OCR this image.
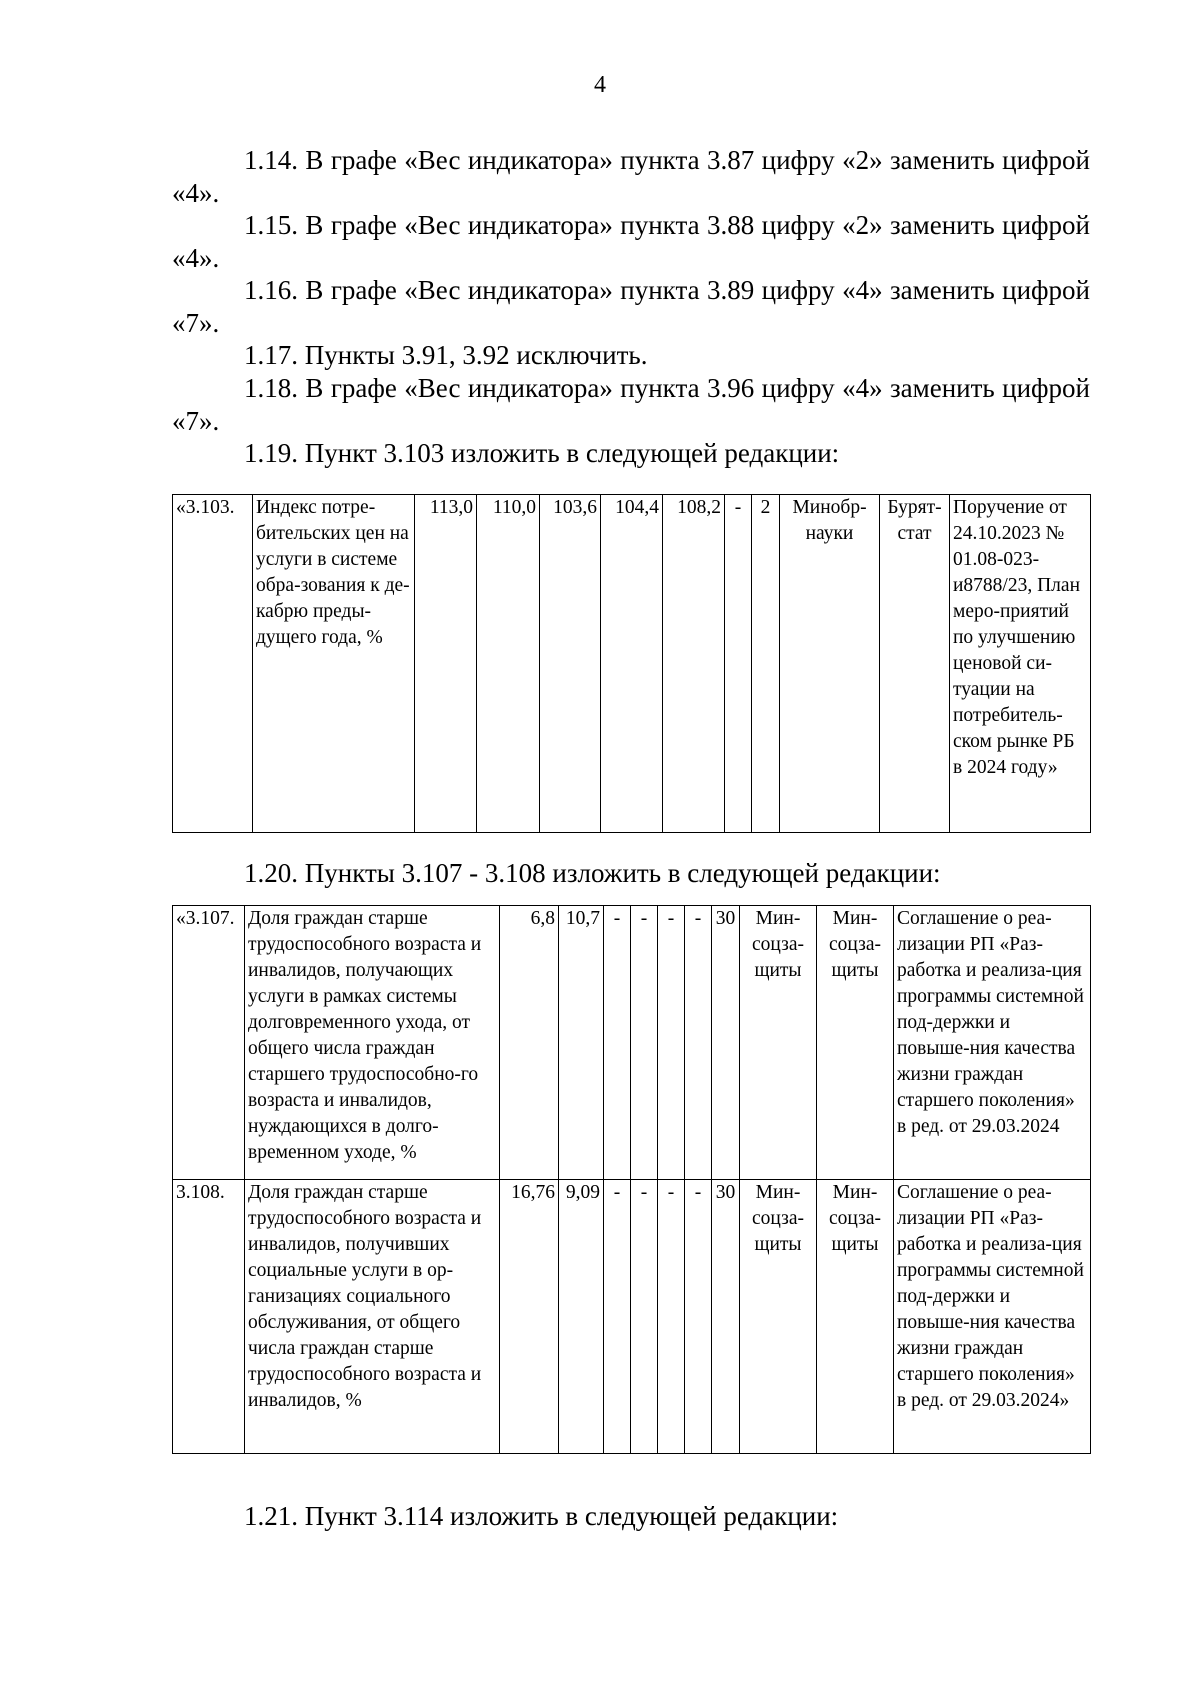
4
1.14. В графе «Вес индикатора» пункта 3.87 цифру «2» заменить цифрой «4».
1.15. В графе «Вес индикатора» пункта 3.88 цифру «2» заменить цифрой «4».
1.16. В графе «Вес индикатора» пункта 3.89 цифру «4» заменить цифрой «7».
1.17. Пункты 3.91, 3.92 исключить.
1.18. В графе «Вес индикатора» пункта 3.96 цифру «4» заменить цифрой «7».
1.19. Пункт 3.103 изложить в следующей редакции:
«3.103.	Индекс потре-бительских цен на услуги в системе обра-зования к де-кабрю преды-дущего года, %	113,0	110,0	103,6	104,4	108,2	-	2	Минобр-науки	Бурят-стат	Поручение от 24.10.2023 № 01.08-023-и8788/23, План меро-приятий по улучшению ценовой си-туации на потребитель-ском рынке РБ в 2024 году»
1.20. Пункты 3.107 - 3.108 изложить в следующей редакции:
«3.107.	Доля граждан старше трудоспособного возраста и инвалидов, получающих услуги в рамках системы долговременного ухода, от общего числа граждан старшего трудоспособно-го возраста и инвалидов, нуждающихся в долго-временном уходе, %	6,8	10,7	-	-	-	-	30	Мин-соцза-щиты	Мин-соцза-щиты	Соглашение о реа-лизации РП «Раз-работка и реализа-ция программы системной под-держки и повыше-ния качества жизни граждан старшего поколения» в ред. от 29.03.2024
3.108.	Доля граждан старше трудоспособного возраста и инвалидов, получивших социальные услуги в ор-ганизациях социального обслуживания, от общего числа граждан старше трудоспособного возраста и инвалидов, %	16,76	9,09	-	-	-	-	30	Мин-соцза-щиты	Мин-соцза-щиты	Соглашение о реа-лизации РП «Раз-работка и реализа-ция программы системной под-держки и повыше-ния качества жизни граждан старшего поколения» в ред. от 29.03.2024»
1.21. Пункт 3.114 изложить в следующей редакции:
